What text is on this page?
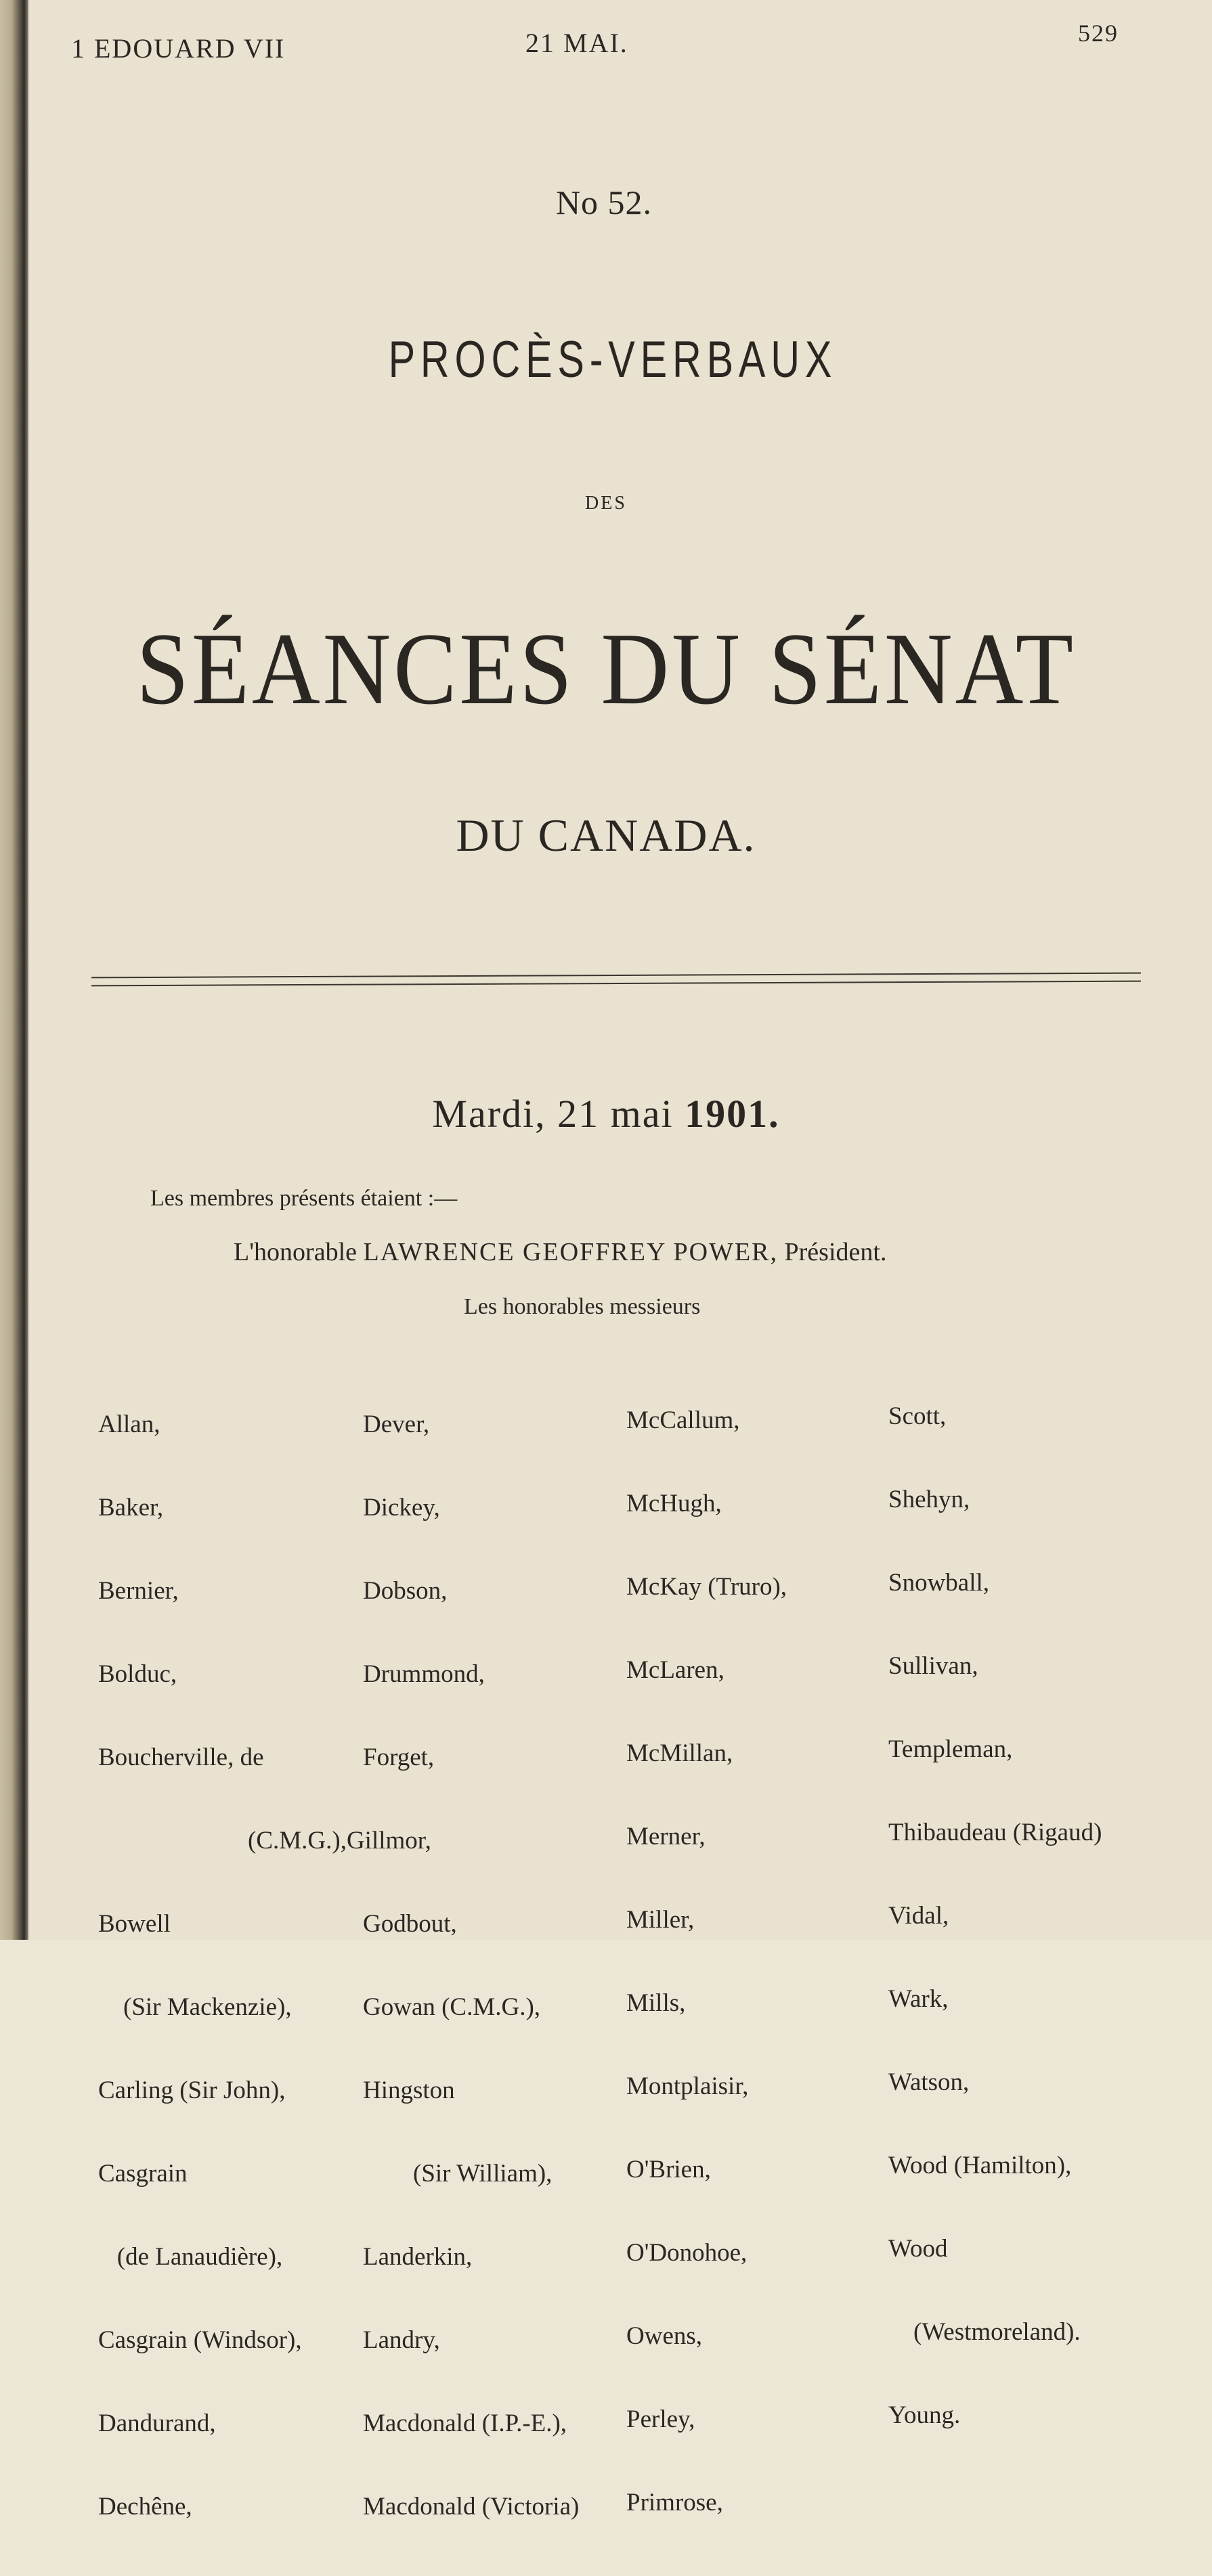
1 EDOUARD VII	21 MAI.	529
No 52.
PROCÈS-VERBAUX
DES
SÉANCES DU SÉNAT
DU CANADA.
Mardi, 21 mai 1901.
Les membres présents étaient :—
L'honorable LAWRENCE GEOFFREY POWER, Président.
Les honorables messieurs

Allan,

Baker,

Bernier,

Bolduc,

Boucherville, de

Bowell

(Sir Mackenzie),

Carling (Sir John),

Casgrain

(de Lanaudière),

Casgrain (Windsor),

Dandurand,

Dechêne,

Dever,

Dickey,

Dobson,

Drummond,

Forget,

(C.M.G.),Gillmor,

Godbout,

Gowan (C.M.G.),

Hingston

(Sir William),

Landerkin,

Landry,

Macdonald (I.P.-E.),

Macdonald (Victoria)

McCallum,

McHugh,

McKay (Truro),

McLaren,

McMillan,

Merner,

Miller,

Mills,

Montplaisir,

O'Brien,

O'Donohoe,

Owens,

Perley,

Primrose,

Scott,

Shehyn,

Snowball,

Sullivan,

Templeman,

Thibaudeau (Rigaud)

Vidal,

Wark,

Watson,

Wood (Hamilton),

Wood

(Westmoreland).

Young.
